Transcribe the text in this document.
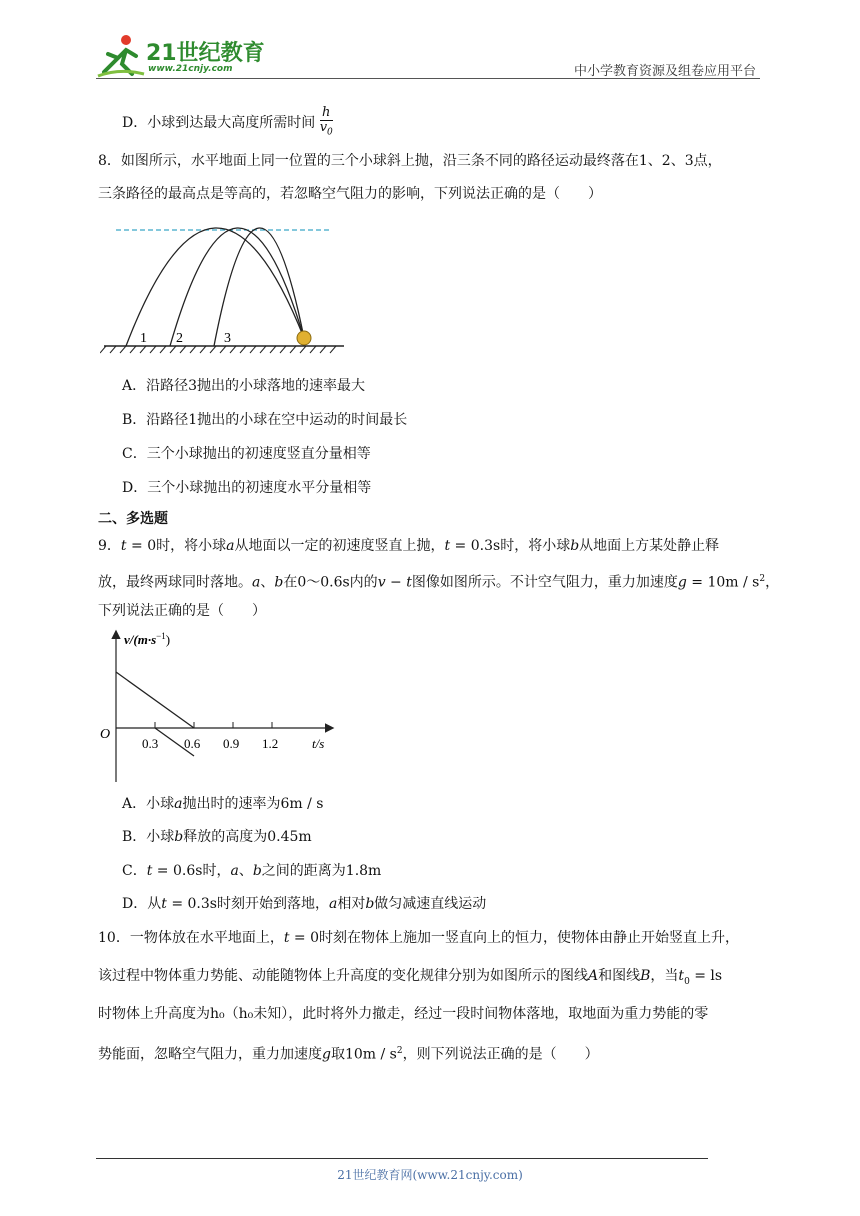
21世纪教育
www.21cnjy.com	中小学教育资源及组卷应用平台
D．小球到达最大高度所需时间 $\frac{h}{v_0}$
8．如图所示，水平地面上同一位置的三个小球斜上抛，沿三条不同的路径运动最终落在1、2、3点，
三条路径的最高点是等高的，若忽略空气阻力的影响，下列说法正确的是（　　）
1 2	3
A．沿路径3抛出的小球落地的速率最大
B．沿路径1抛出的小球在空中运动的时间最长
C．三个小球抛出的初速度竖直分量相等
D．三个小球抛出的初速度水平分量相等
二、多选题
9．t = 0时，将小球a从地面以一定的初速度竖直上抛，t = 0.3s时，将小球b从地面上方某处静止释
放，最终两球同时落地。a、b在0～0.6s内的v − t图像如图所示。不计空气阻力，重力加速度$g = 10m / s^2$，
下列说法正确的是（　　）
$v/(m\cdot s^{-1})$
O
0.3 0.6 0.9 1.2	t/s
A．小球a抛出时的速率为6m / s
B．小球b释放的高度为0.45m
C．t = 0.6s时，a、b之间的距离为1.8m
D．从t = 0.3s时刻开始到落地，a相对b做匀减速直线运动
10．一物体放在水平地面上，t = 0时刻在物体上施加一竖直向上的恒力，使物体由静止开始竖直上升，
该过程中物体重力势能、动能随物体上升高度的变化规律分别为如图所示的图线A和图线B，当$t_0$ = ls
时物体上升高度为h₀（h₀未知），此时将外力撤走，经过一段时间物体落地，取地面为重力势能的零
势能面，忽略空气阻力，重力加速度g取$10m / s^2$，则下列说法正确的是（　　）
21世纪教育网(www.21cnjy.com)
